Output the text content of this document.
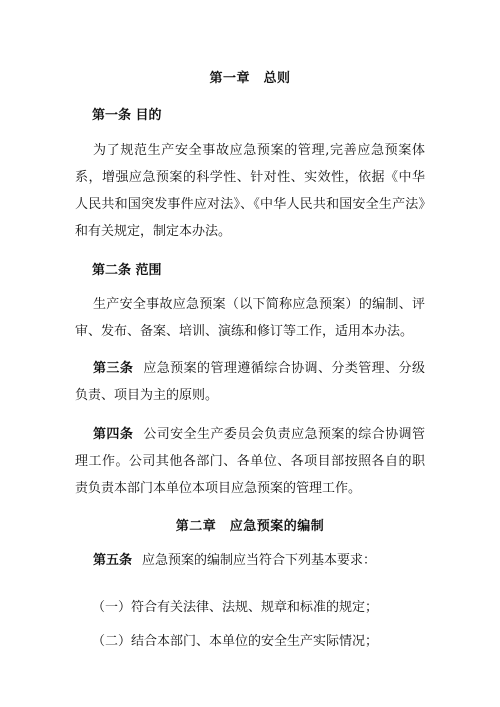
第一章　总则
第一条 目的
为了规范生产安全事故应急预案的管理,完善应急预案体系，增强应急预案的科学性、针对性、实效性，依据《中华人民共和国突发事件应对法》、《中华人民共和国安全生产法》和有关规定，制定本办法。
第二条 范围
生产安全事故应急预案（以下简称应急预案）的编制、评审、发布、备案、培训、演练和修订等工作，适用本办法。
第三条 应急预案的管理遵循综合协调、分类管理、分级负责、项目为主的原则。
第四条 公司安全生产委员会负责应急预案的综合协调管理工作。公司其他各部门、各单位、各项目部按照各自的职责负责本部门本单位本项目应急预案的管理工作。
第二章　应急预案的编制
第五条 应急预案的编制应当符合下列基本要求：
（一）符合有关法律、法规、规章和标准的规定；
（二）结合本部门、本单位的安全生产实际情况；
